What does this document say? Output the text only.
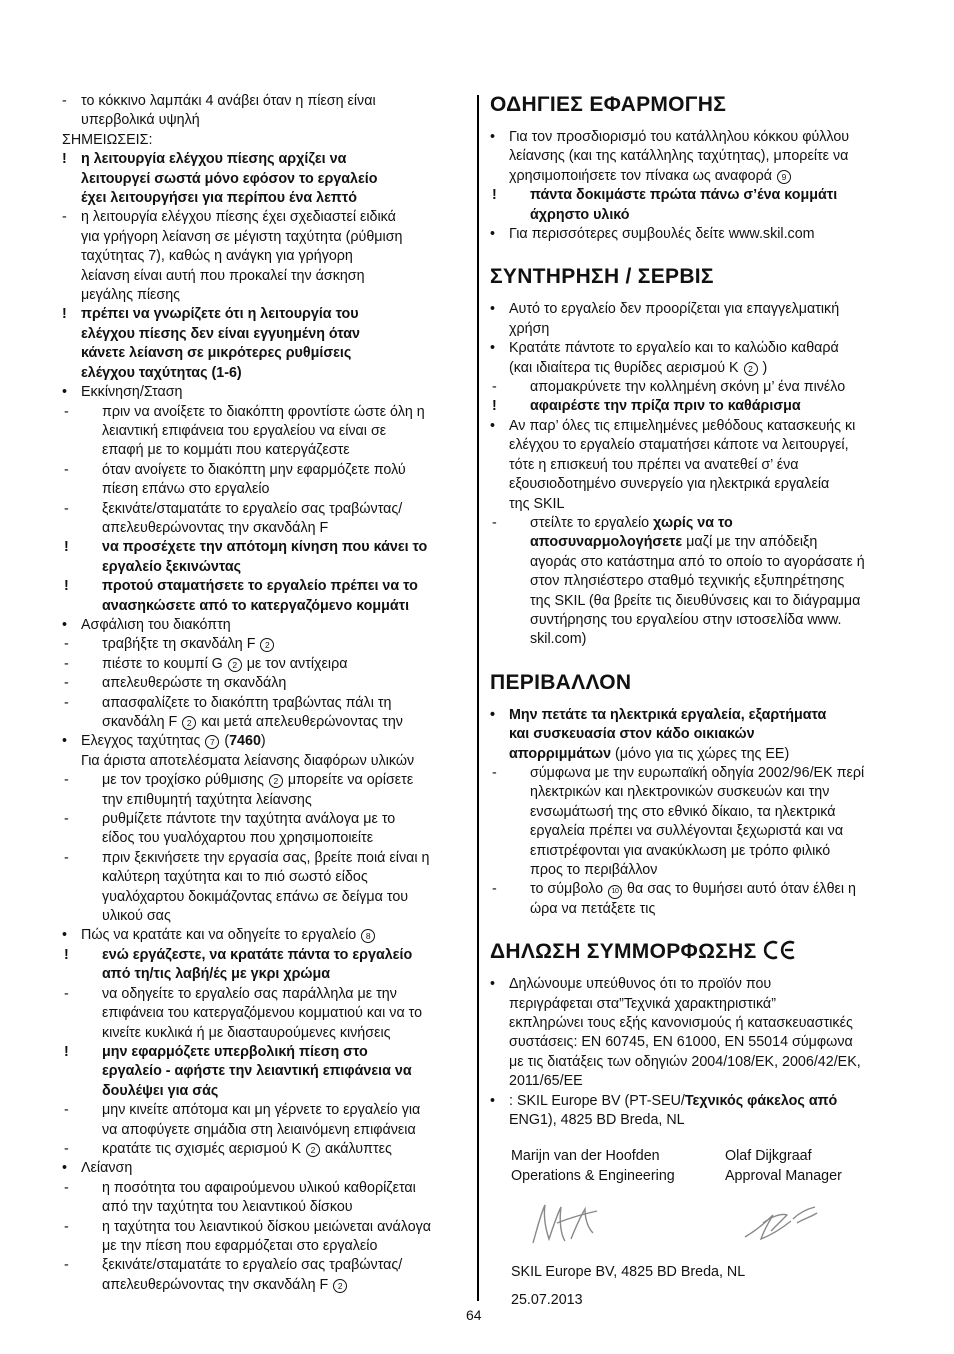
- το κόκκινο λαμπάκι 4 ανάβει όταν η πίεση είναι
υπερβολικά υψηλή
ΣΗΜΕΙΩΣΕΙΣ:
! η λειτουργία ελέγχου πίεσης αρχίζει να
λειτουργεί σωστά μόνο εφόσον το εργαλείο
έχει λειτουργήσει για περίπου ένα λεπτό
- η λειτουργία ελέγχου πίεσης έχει σχεδιαστεί ειδικά
για γρήγορη λείανση σε μέγιστη ταχύτητα (ρύθμιση
ταχύτητας 7), καθώς η ανάγκη για γρήγορη
λείανση είναι αυτή που προκαλεί την άσκηση
μεγάλης πίεσης
! πρέπει να γνωρίζετε ότι η λειτουργία του
ελέγχου πίεσης δεν είναι εγγυημένη όταν
κάνετε λείανση σε μικρότερες ρυθμίσεις
ελέγχου ταχύτητας (1-6)
• Εκκίνηση/Σταση
- πριν να ανοίξετε το διακόπτη φροντίστε ώστε όλη η
λειαντική επιφάνεια του εργαλείου να είναι σε
επαφή με το κομμάτι που κατεργάζεστε
- όταν ανοίγετε το διακόπτη μην εφαρμόζετε πολύ
πίεση επάνω στο εργαλείο
- ξεκινάτε/σταματάτε το εργαλείο σας τραβώντας/
απελευθερώνοντας την σκανδάλη F
! να προσέχετε την απότομη κίνηση που κάνει το
εργαλείο ξεκινώντας
! προτού σταματήσετε το εργαλείο πρέπει να το
ανασηκώσετε από το κατεργαζόμενο κομμάτι
• Ασφάλιση του διακόπτη
- τραβήξτε τη σκανδάλη F 2
- πιέστε το κουμπί G 2 με τον αντίχειρα
- απελευθερώστε τη σκανδάλη
- απασφαλίζετε το διακόπτη τραβώντας πάλι τη
σκανδάλη F 2 και μετά απελευθερώνοντας την
• Ελεγχος ταχύτητας 7 (7460)
Για άριστα αποτελέσματα λείανσης διαφόρων υλικών
- με τον τροχίσκο ρύθμισης 2 μπορείτε να ορίσετε
την επιθυμητή ταχύτητα λείανσης
- ρυθμίζετε πάντοτε την ταχύτητα ανάλογα με το
είδος του γυαλόχαρτου που χρησιμοποιείτε
- πριν ξεκινήσετε την εργασία σας, βρείτε ποιά είναι η
καλύτερη ταχύτητα και το πιό σωστό είδος
γυαλόχαρτου δοκιμάζοντας επάνω σε δείγμα του
υλικού σας
• Πώς να κρατάτε και να οδηγείτε το εργαλείο 8
! ενώ εργάζεστε, να κρατάτε πάντα το εργαλείο
από τη/τις λαβή/ές με γκρι χρώμα
- να οδηγείτε το εργαλείο σας παράλληλα με την
επιφάνεια του κατεργαζόμενου κομματιού και να το
κινείτε κυκλικά ή με διασταυρούμενες κινήσεις
! μην εφαρμόζετε υπερβολική πίεση στο
εργαλείο - αφήστε την λειαντική επιφάνεια να
δουλέψει για σάς
- μην κινείτε απότομα και μη γέρνετε το εργαλείο για
να αποφύγετε σημάδια στη λειαινόμενη επιφάνεια
- κρατάτε τις σχισμές αερισμού K 2 ακάλυπτες
• Λείανση
- η ποσότητα του αφαιρούμενου υλικού καθορίζεται
από την ταχύτητα του λειαντικού δίσκου
- η ταχύτητα του λειαντικού δίσκου μειώνεται ανάλογα
με την πίεση που εφαρμόζεται στο εργαλείο
- ξεκινάτε/σταματάτε το εργαλείο σας τραβώντας/
απελευθερώνοντας την σκανδάλη F 2
ΟΔΗΓΙΕΣ ΕΦΑΡΜΟΓΗΣ
• Για τον προσδιορισμό του κατάλληλου κόκκου φύλλου
λείανσης (και της κατάλληλης ταχύτητας), μπορείτε να
χρησιμοποιήσετε τον πίνακα ως αναφορά 9
! πάντα δοκιμάστε πρώτα πάνω σ’ένα κομμάτι
άχρηστο υλικό
• Για περισσότερες συμβουλές δείτε www.skil.com
ΣΥΝΤΗΡΗΣΗ / ΣΕΡΒΙΣ
• Αυτό το εργαλείο δεν προορίζεται για επαγγελματική
χρήση
• Κρατάτε πάντοτε το εργαλείο και το καλώδιο καθαρά
(και ιδιαίτερα τις θυρίδες αερισμού K 2 )
- απομακρύνετε την κολλημένη σκόνη μ’ ένα πινέλο
! αφαιρέστε την πρίζα πριν το καθάρισμα
• Αν παρ’ όλες τις επιμελημένες μεθόδους κατασκευής κι
ελέγχου το εργαλείο σταματήσει κάποτε να λειτουργεί,
τότε η επισκευή του πρέπει να ανατεθεί σ’ ένα
εξουσιοδοτημένο συνεργείο για ηλεκτρικά εργαλεία
της SKIL
- στείλτε το εργαλείο χωρίς να το
αποσυναρμολογήσετε μαζί με την απόδειξη
αγοράς στο κατάστημα από το οποίο το αγοράσατε ή
στον πλησιέστερο σταθμό τεχνικής εξυπηρέτησης
της SKIL (θα βρείτε τις διευθύνσεις και το διάγραμμα
συντήρησης του εργαλείου στην ιστοσελίδα www.
skil.com)
ΠΕΡΙΒΑΛΛΟΝ
• Μην πετάτε τα ηλεκτρικά εργαλεία, εξαρτήματα
και συσκευασία στον κάδο οικιακών
απορριμμάτων (μόνο για τις χώρες της ΕΕ)
- σύμφωνα με την ευρωπαϊκή οδηγία 2002/96/ΕΚ περί
ηλεκτρικών και ηλεκτρονικών συσκευών και την
ενσωμάτωσή της στο εθνικό δίκαιο, τα ηλεκτρικά
εργαλεία πρέπει να συλλέγονται ξεχωριστά και να
επιστρέφονται για ανακύκλωση με τρόπο φιλικό
προς το περιβάλλον
- το σύμβολο 10 θα σας το θυμήσει αυτό όταν έλθει η
ώρα να πετάξετε τις
ΔΗΛΩΣΗ ΣΥΜΜΟΡΦΩΣΗΣ
• Δηλώνουμε υπεύθυνος ότι το προϊόν που
περιγράφεται στα”Τεχνικά χαρακτηριστικά”
εκπληρώνει τους εξής κανονισμούς ή κατασκευαστικές
συστάσεις: EN 60745, EN 61000, EN 55014 σύμφωνα
με τις διατάξεις των οδηγιών 2004/108/ΕΚ, 2006/42/ΕΚ,
2011/65/ΕΕ
• : SKIL Europe BV (PT-SEU/Τεχνικός φάκελος από
ENG1), 4825 BD Breda, NL
Marijn van der Hoofden
Operations & Engineering
Olaf Dijkgraaf
Approval Manager
SKIL Europe BV, 4825 BD Breda, NL
25.07.2013
64
